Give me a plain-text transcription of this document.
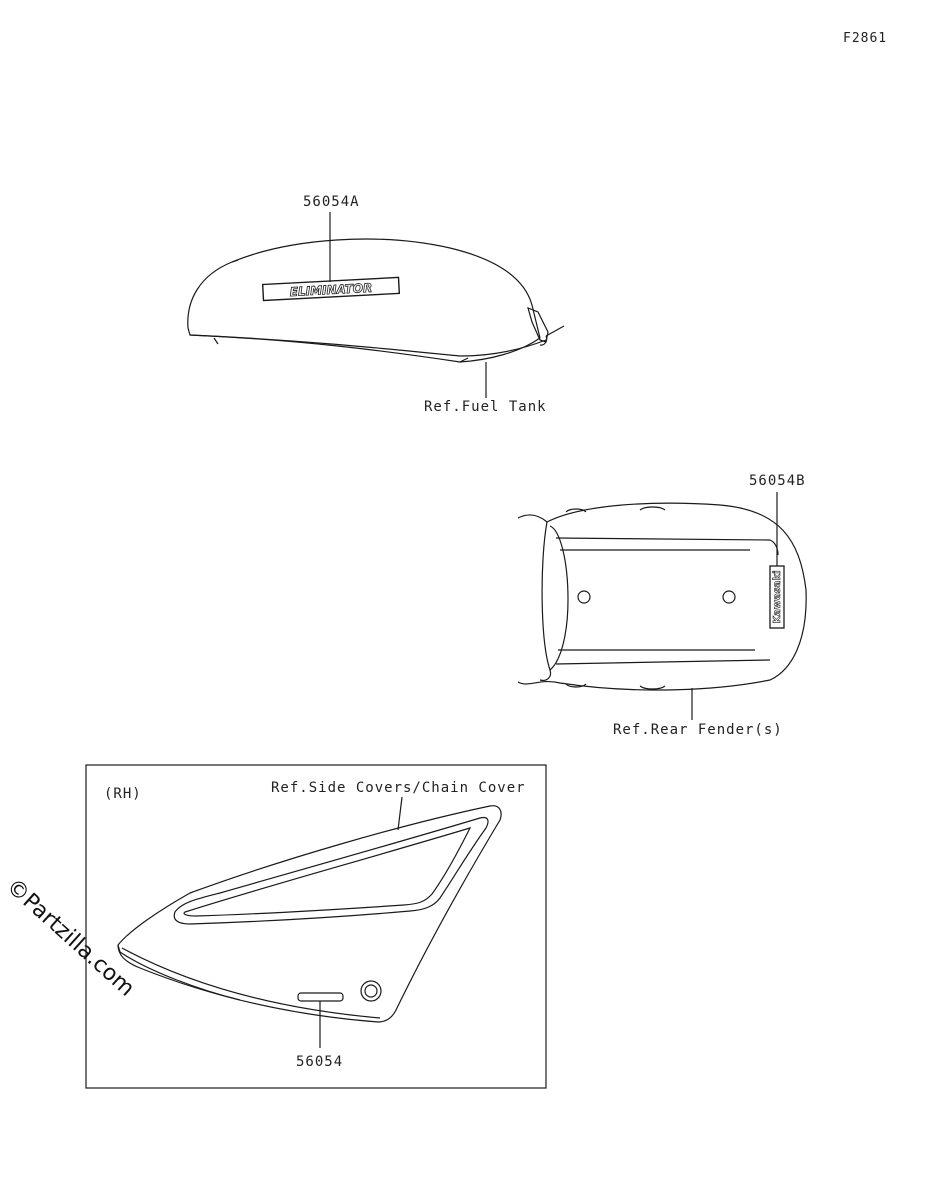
ELIMINATOR
Kawasaki
F2861
56054A
Ref.Fuel Tank
56054B
Ref.Rear Fender(s)
(RH)	Ref.Side Covers/Chain Cover
56054
©Partzilla.com
